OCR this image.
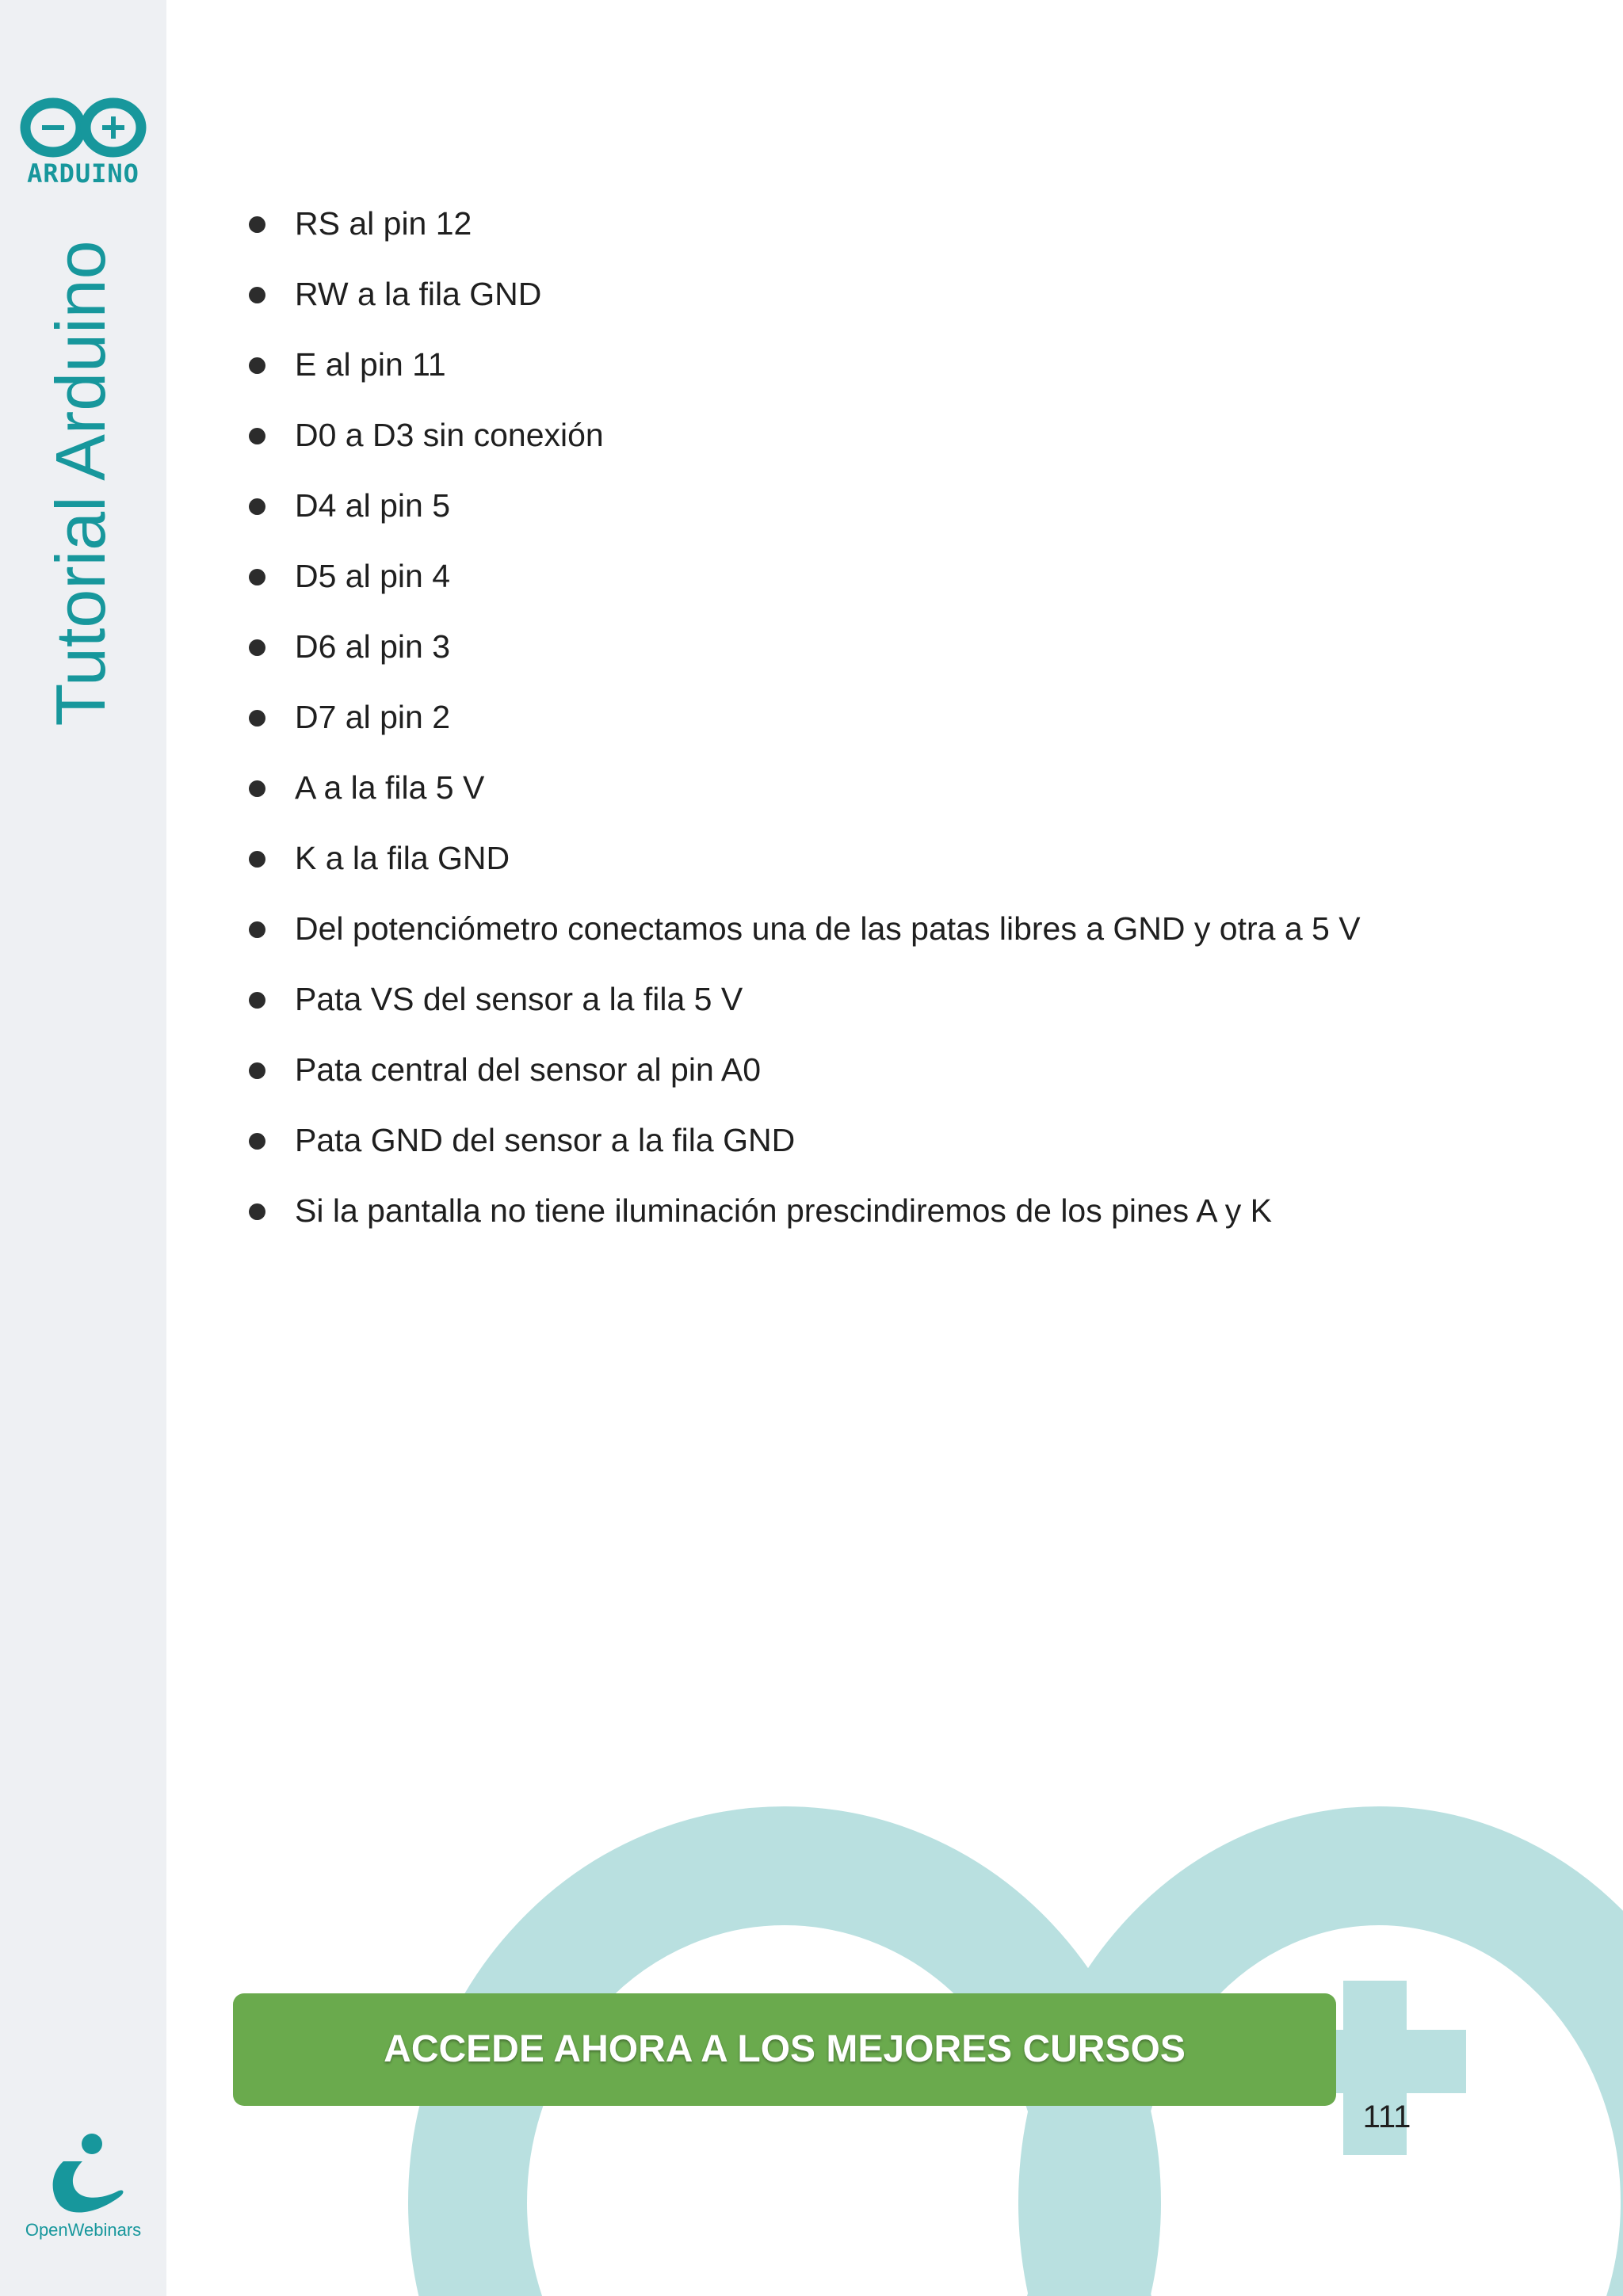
ARDUINO
Tutorial Arduino
OpenWebinars
RS al pin 12
RW a la fila GND
E al pin 11
D0 a D3 sin conexión
D4 al pin 5
D5 al pin 4
D6 al pin 3
D7 al pin 2
A a la fila 5 V
K a la fila GND
Del potenciómetro conectamos una de las patas libres a GND y otra a 5 V
Pata VS del sensor a la fila 5 V
Pata central del sensor al pin A0
Pata GND del sensor a la fila GND
Si la pantalla no tiene iluminación prescindiremos de los pines A y K
ACCEDE AHORA A LOS MEJORES CURSOS
111
